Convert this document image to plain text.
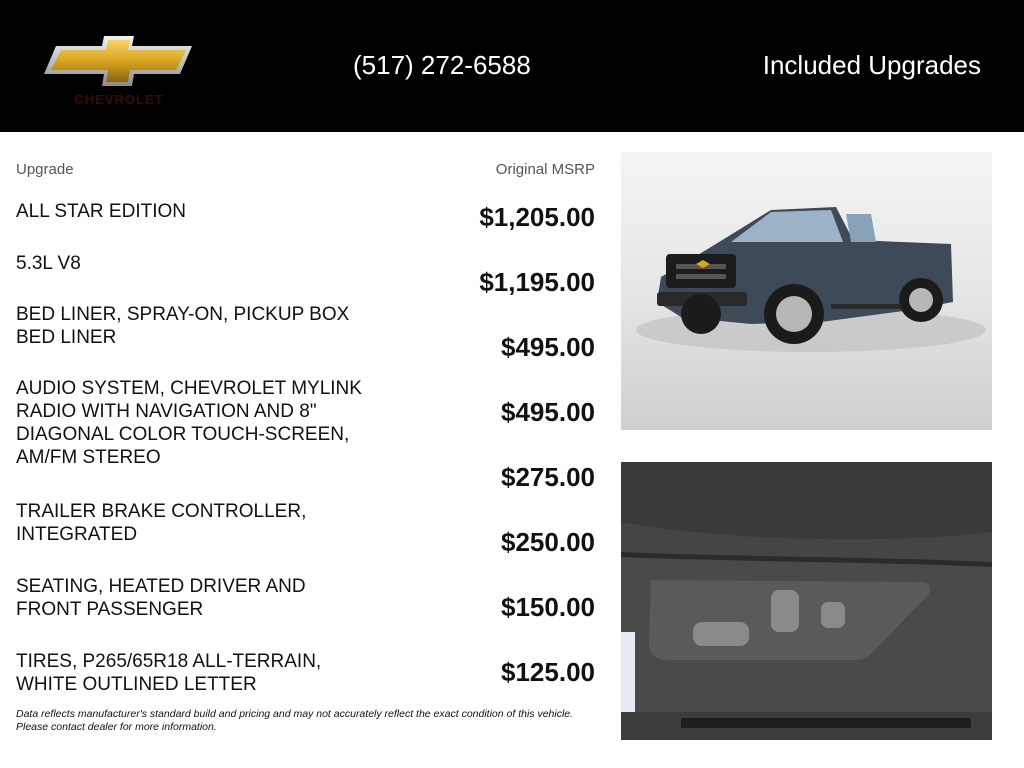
CHEVROLET
(517) 272-6588	Included Upgrades
Upgrade	Original MSRP
ALL STAR EDITION
5.3L V8
BED LINER, SPRAY-ON, PICKUP BOX BED LINER
AUDIO SYSTEM, CHEVROLET MYLINK RADIO WITH NAVIGATION AND 8" DIAGONAL COLOR TOUCH-SCREEN, AM/FM STEREO
TRAILER BRAKE CONTROLLER, INTEGRATED
SEATING, HEATED DRIVER AND FRONT PASSENGER
TIRES, P265/65R18 ALL-TERRAIN, WHITE OUTLINED LETTER
$1,205.00
$1,195.00
$495.00
$495.00
$275.00
$250.00
$150.00
$125.00
Data reflects manufacturer's standard build and pricing and may not accurately reflect the exact condition of this vehicle. Please contact dealer for more information.
